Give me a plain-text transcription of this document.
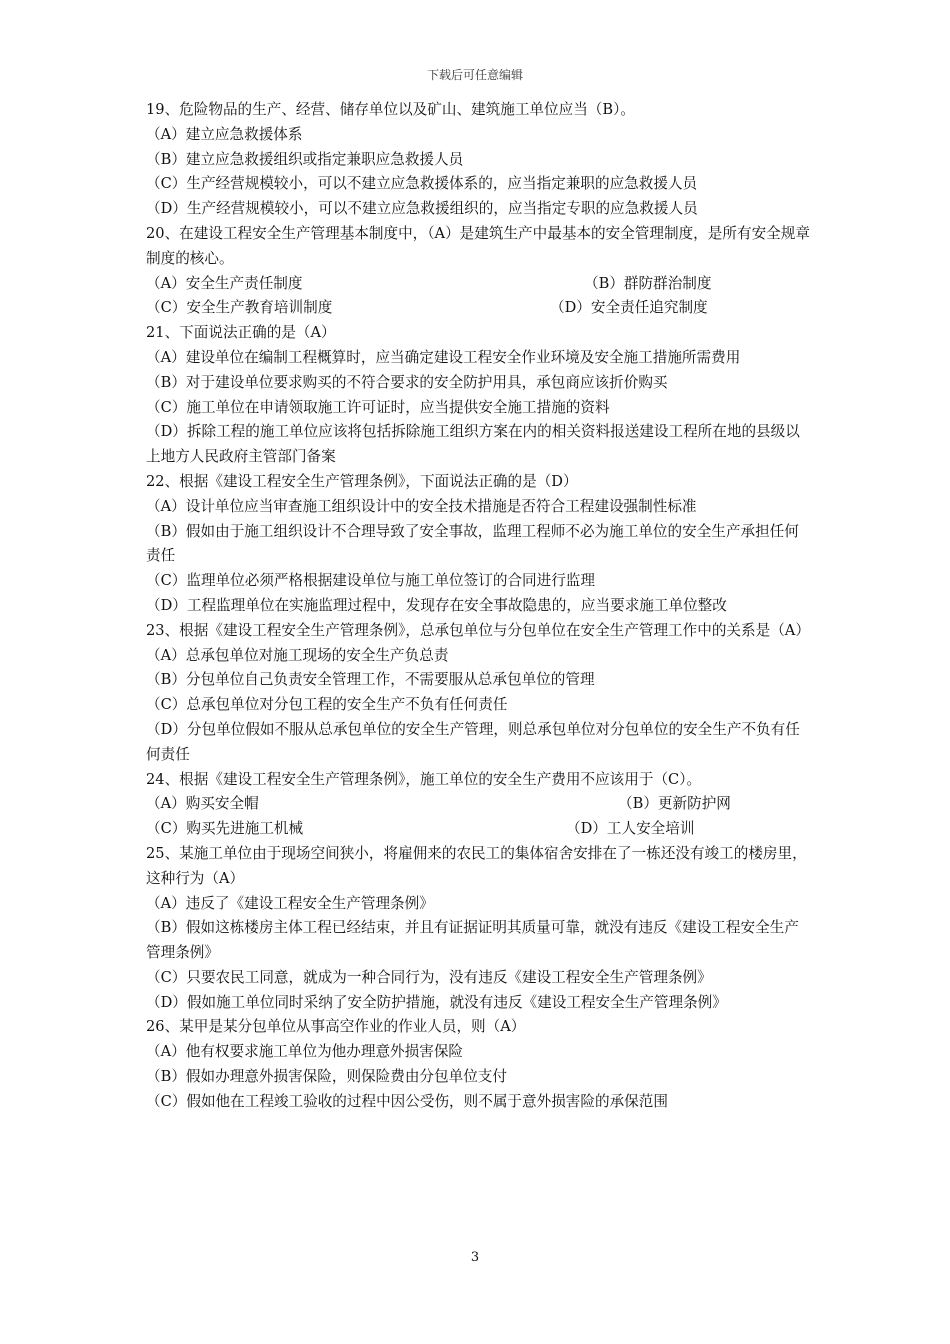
下载后可任意编辑
19、危险物品的生产、经营、储存单位以及矿山、建筑施工单位应当（B）。
（A）建立应急救援体系
（B）建立应急救援组织或指定兼职应急救援人员
（C）生产经营规模较小，可以不建立应急救援体系的，应当指定兼职的应急救援人员
（D）生产经营规模较小，可以不建立应急救援组织的，应当指定专职的应急救援人员
20、在建设工程安全生产管理基本制度中，（A）是建筑生产中最基本的安全管理制度，是所有安全规章制度的核心。
（A）安全生产责任制度	（B）群防群治制度
（C）安全生产教育培训制度	（D）安全责任追究制度
21、下面说法正确的是（A）
（A）建设单位在编制工程概算时，应当确定建设工程安全作业环境及安全施工措施所需费用
（B）对于建设单位要求购买的不符合要求的安全防护用具，承包商应该折价购买
（C）施工单位在申请领取施工许可证时，应当提供安全施工措施的资料
（D）拆除工程的施工单位应该将包括拆除施工组织方案在内的相关资料报送建设工程所在地的县级以上地方人民政府主管部门备案
22、根据《建设工程安全生产管理条例》，下面说法正确的是（D）
（A）设计单位应当审查施工组织设计中的安全技术措施是否符合工程建设强制性标准
（B）假如由于施工组织设计不合理导致了安全事故，监理工程师不必为施工单位的安全生产承担任何责任
（C）监理单位必须严格根据建设单位与施工单位签订的合同进行监理
（D）工程监理单位在实施监理过程中，发现存在安全事故隐患的，应当要求施工单位整改
23、根据《建设工程安全生产管理条例》，总承包单位与分包单位在安全生产管理工作中的关系是（A）
（A）总承包单位对施工现场的安全生产负总责
（B）分包单位自己负责安全管理工作，不需要服从总承包单位的管理
（C）总承包单位对分包工程的安全生产不负有任何责任
（D）分包单位假如不服从总承包单位的安全生产管理，则总承包单位对分包单位的安全生产不负有任何责任
24、根据《建设工程安全生产管理条例》，施工单位的安全生产费用不应该用于（C）。
（A）购买安全帽	（B）更新防护网
（C）购买先进施工机械	（D）工人安全培训
25、某施工单位由于现场空间狭小，将雇佣来的农民工的集体宿舍安排在了一栋还没有竣工的楼房里，这种行为（A）
（A）违反了《建设工程安全生产管理条例》
（B）假如这栋楼房主体工程已经结束，并且有证据证明其质量可靠，就没有违反《建设工程安全生产管理条例》
（C）只要农民工同意，就成为一种合同行为，没有违反《建设工程安全生产管理条例》
（D）假如施工单位同时采纳了安全防护措施，就没有违反《建设工程安全生产管理条例》
26、某甲是某分包单位从事高空作业的作业人员，则（A）
（A）他有权要求施工单位为他办理意外损害保险
（B）假如办理意外损害保险，则保险费由分包单位支付
（C）假如他在工程竣工验收的过程中因公受伤，则不属于意外损害险的承保范围
3
